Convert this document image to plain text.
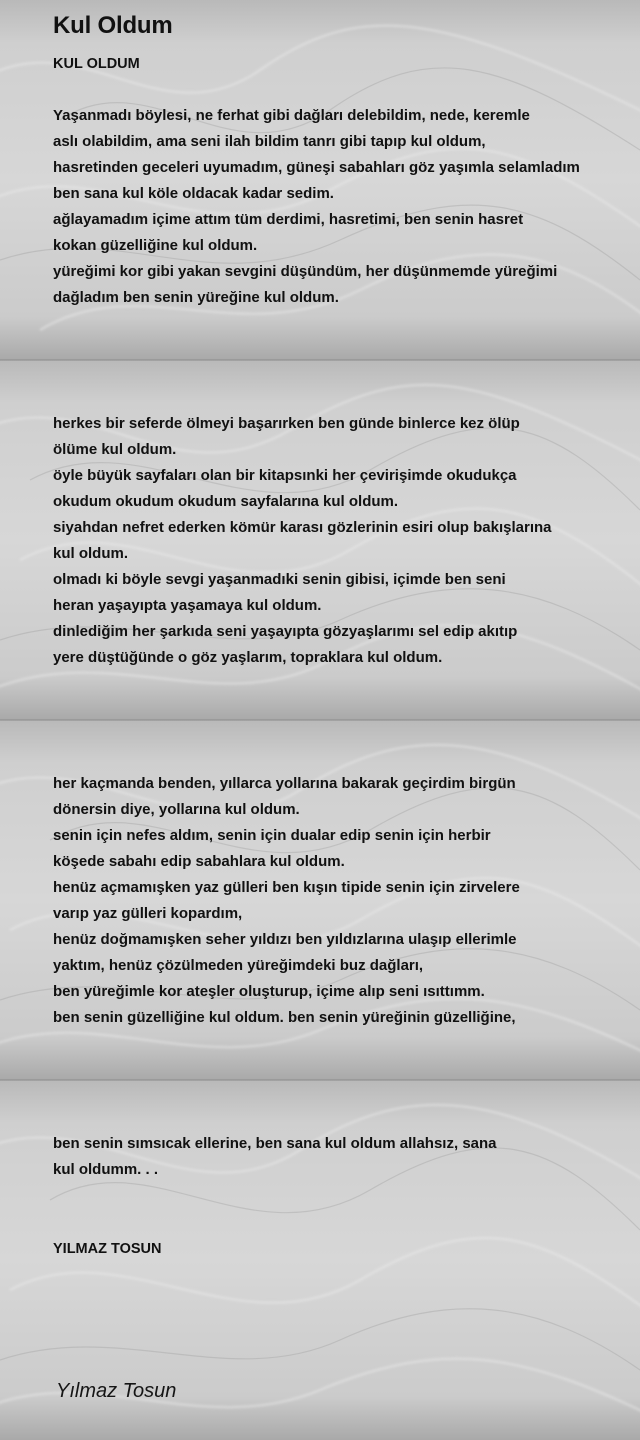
Kul Oldum
KUL OLDUM
Yaşanmadı böylesi, ne ferhat gibi dağları delebildim, nede, keremle
aslı olabildim, ama seni ilah bildim tanrı gibi tapıp kul oldum,
hasretinden geceleri uyumadım, güneşi sabahları göz yaşımla selamladım
ben sana kul köle oldacak kadar sedim.
ağlayamadım içime attım tüm derdimi, hasretimi, ben senin hasret
kokan güzelliğine kul oldum.
yüreğimi kor gibi yakan sevgini düşündüm, her düşünmemde yüreğimi
dağladım ben senin yüreğine kul oldum.
herkes bir seferde ölmeyi başarırken ben günde binlerce kez ölüp
ölüme kul oldum.
öyle büyük sayfaları olan bir kitapsınki her çevirişimde okudukça
okudum okudum okudum sayfalarına kul oldum.
siyahdan nefret ederken kömür karası gözlerinin esiri olup bakışlarına
kul oldum.
olmadı ki böyle sevgi yaşanmadıki senin gibisi, içimde ben seni
heran yaşayıpta yaşamaya kul oldum.
dinlediğim her şarkıda seni yaşayıpta gözyaşlarımı sel edip akıtıp
yere düştüğünde o göz yaşlarım, topraklara kul oldum.
her kaçmanda benden, yıllarca yollarına bakarak geçirdim birgün
dönersin diye, yollarına kul oldum.
senin için nefes aldım, senin için dualar edip senin için herbir
köşede sabahı edip sabahlara kul oldum.
henüz açmamışken yaz gülleri ben kışın tipide senin için zirvelere
varıp yaz gülleri kopardım,
henüz doğmamışken seher yıldızı ben yıldızlarına ulaşıp ellerimle
yaktım, henüz çözülmeden yüreğimdeki buz dağları,
ben yüreğimle kor ateşler oluşturup, içime alıp seni ısıttımm.
ben senin güzelliğine kul oldum. ben senin yüreğinin güzelliğine,
ben senin sımsıcak ellerine, ben sana kul oldum allahsız, sana
kul oldumm. . .
YILMAZ TOSUN
Yılmaz Tosun
